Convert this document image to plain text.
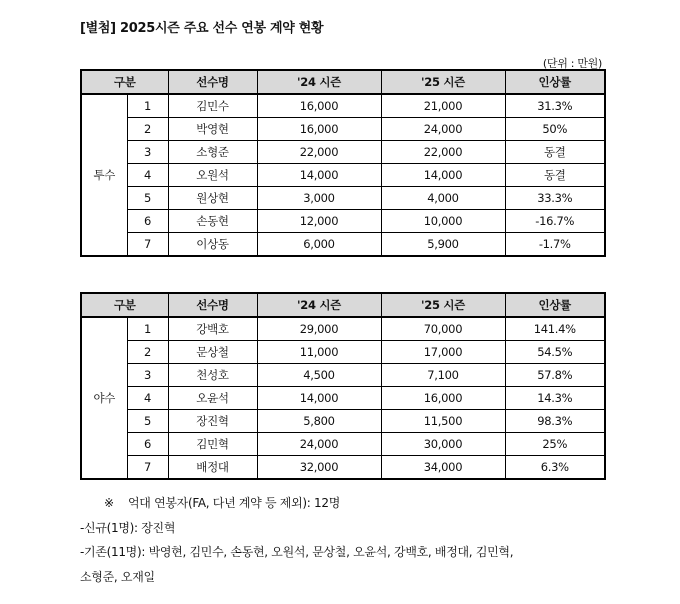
[별첨] 2025시즌 주요 선수 연봉 계약 현황
(단위 : 만원)
구분		선수명	'24 시즌	'25 시즌	인상률
투수	1	김민수	16,000	21,000	31.3%
	2	박영현	16,000	24,000	50%
	3	소형준	22,000	22,000	동결
	4	오원석	14,000	14,000	동결
	5	원상현	3,000	4,000	33.3%
	6	손동현	12,000	10,000	-16.7%
	7	이상동	6,000	5,900	-1.7%
구분		선수명	'24 시즌	'25 시즌	인상률
야수	1	강백호	29,000	70,000	141.4%
	2	문상철	11,000	17,000	54.5%
	3	천성호	4,500	7,100	57.8%
	4	오윤석	14,000	16,000	14.3%
	5	장진혁	5,800	11,500	98.3%
	6	김민혁	24,000	30,000	25%
	7	배정대	32,000	34,000	6.3%
※ 억대 연봉자(FA, 다년 계약 등 제외): 12명
-신규(1명): 장진혁
-기존(11명): 박영현, 김민수, 손동현, 오원석, 문상철, 오윤석, 강백호, 배정대, 김민혁,
소형준, 오재일
